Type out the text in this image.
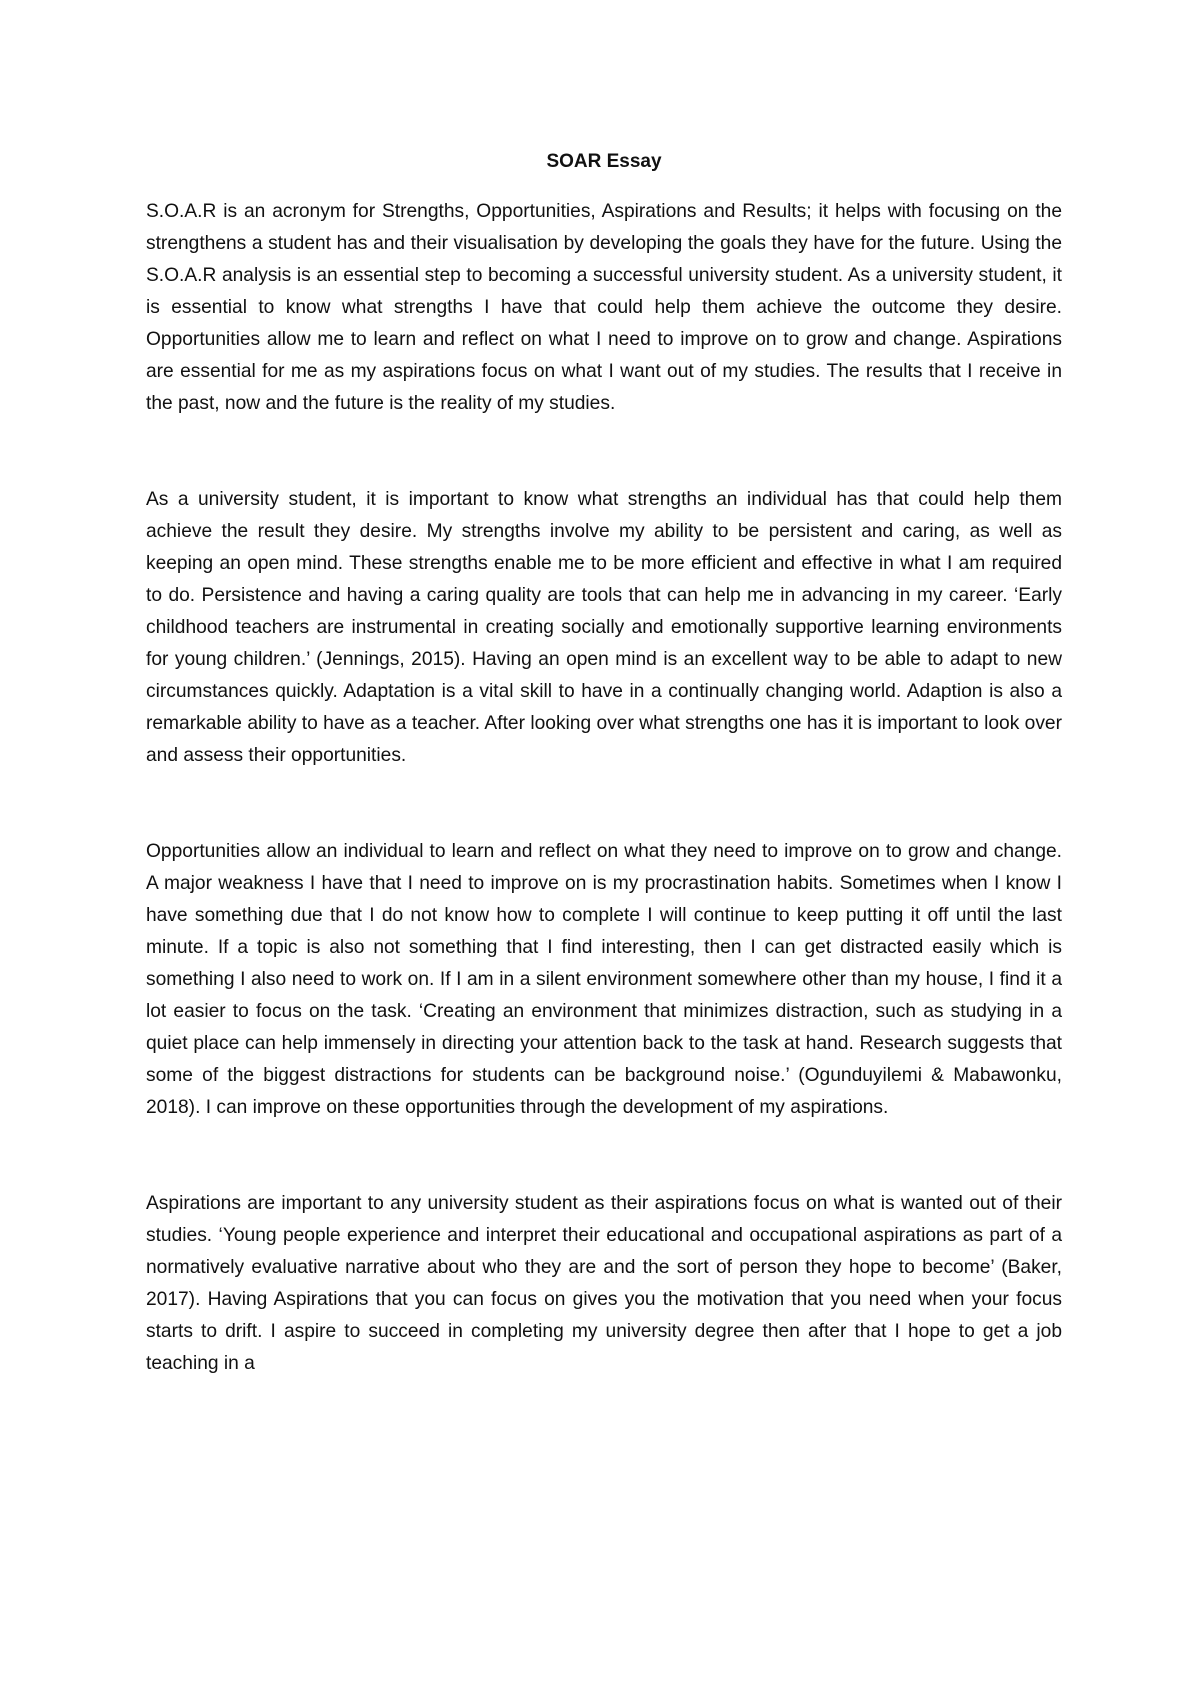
SOAR Essay

S.O.A.R is an acronym for Strengths, Opportunities, Aspirations and Results; it helps with focusing on the strengthens a student has and their visualisation by developing the goals they have for the future. Using the S.O.A.R analysis is an essential step to becoming a successful university student. As a university student, it is essential to know what strengths I have that could help them achieve the outcome they desire. Opportunities allow me to learn and reflect on what I need to improve on to grow and change. Aspirations are essential for me as my aspirations focus on what I want out of my studies. The results that I receive in the past, now and the future is the reality of my studies.

As a university student, it is important to know what strengths an individual has that could help them achieve the result they desire. My strengths involve my ability to be persistent and caring, as well as keeping an open mind. These strengths enable me to be more efficient and effective in what I am required to do. Persistence and having a caring quality are tools that can help me in advancing in my career. ‘Early childhood teachers are instrumental in creating socially and emotionally supportive learning environments for young children.’ (Jennings, 2015). Having an open mind is an excellent way to be able to adapt to new circumstances quickly. Adaptation is a vital skill to have in a continually changing world. Adaption is also a remarkable ability to have as a teacher. After looking over what strengths one has it is important to look over and assess their opportunities.

Opportunities allow an individual to learn and reflect on what they need to improve on to grow and change. A major weakness I have that I need to improve on is my procrastination habits. Sometimes when I know I have something due that I do not know how to complete I will continue to keep putting it off until the last minute. If a topic is also not something that I find interesting, then I can get distracted easily which is something I also need to work on. If I am in a silent environment somewhere other than my house, I find it a lot easier to focus on the task. ‘Creating an environment that minimizes distraction, such as studying in a quiet place can help immensely in directing your attention back to the task at hand. Research suggests that some of the biggest distractions for students can be background noise.’ (Ogunduyilemi & Mabawonku, 2018). I can improve on these opportunities through the development of my aspirations.

Aspirations are important to any university student as their aspirations focus on what is wanted out of their studies. ‘Young people experience and interpret their educational and occupational aspirations as part of a normatively evaluative narrative about who they are and the sort of person they hope to become’ (Baker, 2017). Having Aspirations that you can focus on gives you the motivation that you need when your focus starts to drift. I aspire to succeed in completing my university degree then after that I hope to get a job teaching in a
